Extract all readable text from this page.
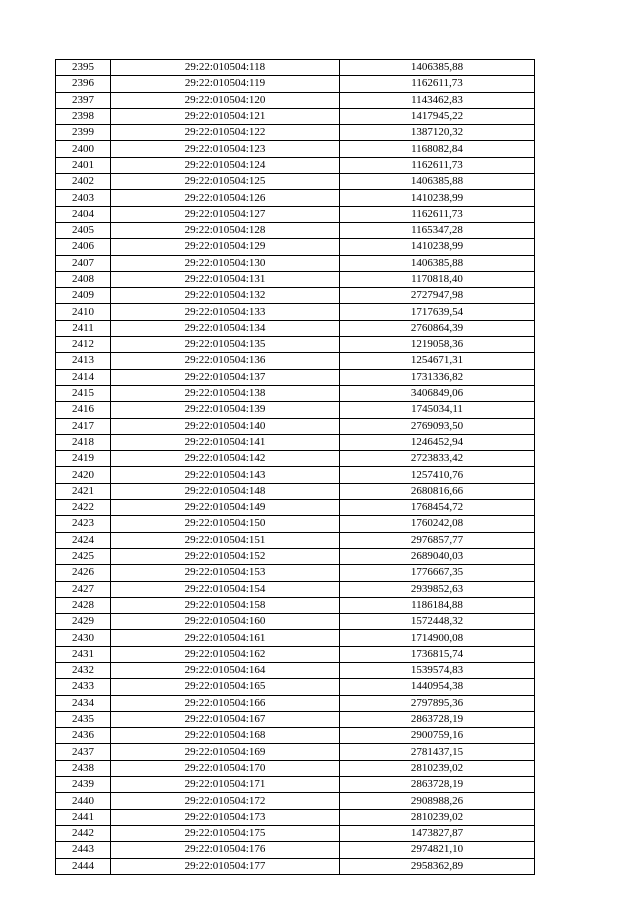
2395	29:22:010504:118	1406385,88
2396	29:22:010504:119	1162611,73
2397	29:22:010504:120	1143462,83
2398	29:22:010504:121	1417945,22
2399	29:22:010504:122	1387120,32
2400	29:22:010504:123	1168082,84
2401	29:22:010504:124	1162611,73
2402	29:22:010504:125	1406385,88
2403	29:22:010504:126	1410238,99
2404	29:22:010504:127	1162611,73
2405	29:22:010504:128	1165347,28
2406	29:22:010504:129	1410238,99
2407	29:22:010504:130	1406385,88
2408	29:22:010504:131	1170818,40
2409	29:22:010504:132	2727947,98
2410	29:22:010504:133	1717639,54
2411	29:22:010504:134	2760864,39
2412	29:22:010504:135	1219058,36
2413	29:22:010504:136	1254671,31
2414	29:22:010504:137	1731336,82
2415	29:22:010504:138	3406849,06
2416	29:22:010504:139	1745034,11
2417	29:22:010504:140	2769093,50
2418	29:22:010504:141	1246452,94
2419	29:22:010504:142	2723833,42
2420	29:22:010504:143	1257410,76
2421	29:22:010504:148	2680816,66
2422	29:22:010504:149	1768454,72
2423	29:22:010504:150	1760242,08
2424	29:22:010504:151	2976857,77
2425	29:22:010504:152	2689040,03
2426	29:22:010504:153	1776667,35
2427	29:22:010504:154	2939852,63
2428	29:22:010504:158	1186184,88
2429	29:22:010504:160	1572448,32
2430	29:22:010504:161	1714900,08
2431	29:22:010504:162	1736815,74
2432	29:22:010504:164	1539574,83
2433	29:22:010504:165	1440954,38
2434	29:22:010504:166	2797895,36
2435	29:22:010504:167	2863728,19
2436	29:22:010504:168	2900759,16
2437	29:22:010504:169	2781437,15
2438	29:22:010504:170	2810239,02
2439	29:22:010504:171	2863728,19
2440	29:22:010504:172	2908988,26
2441	29:22:010504:173	2810239,02
2442	29:22:010504:175	1473827,87
2443	29:22:010504:176	2974821,10
2444	29:22:010504:177	2958362,89
